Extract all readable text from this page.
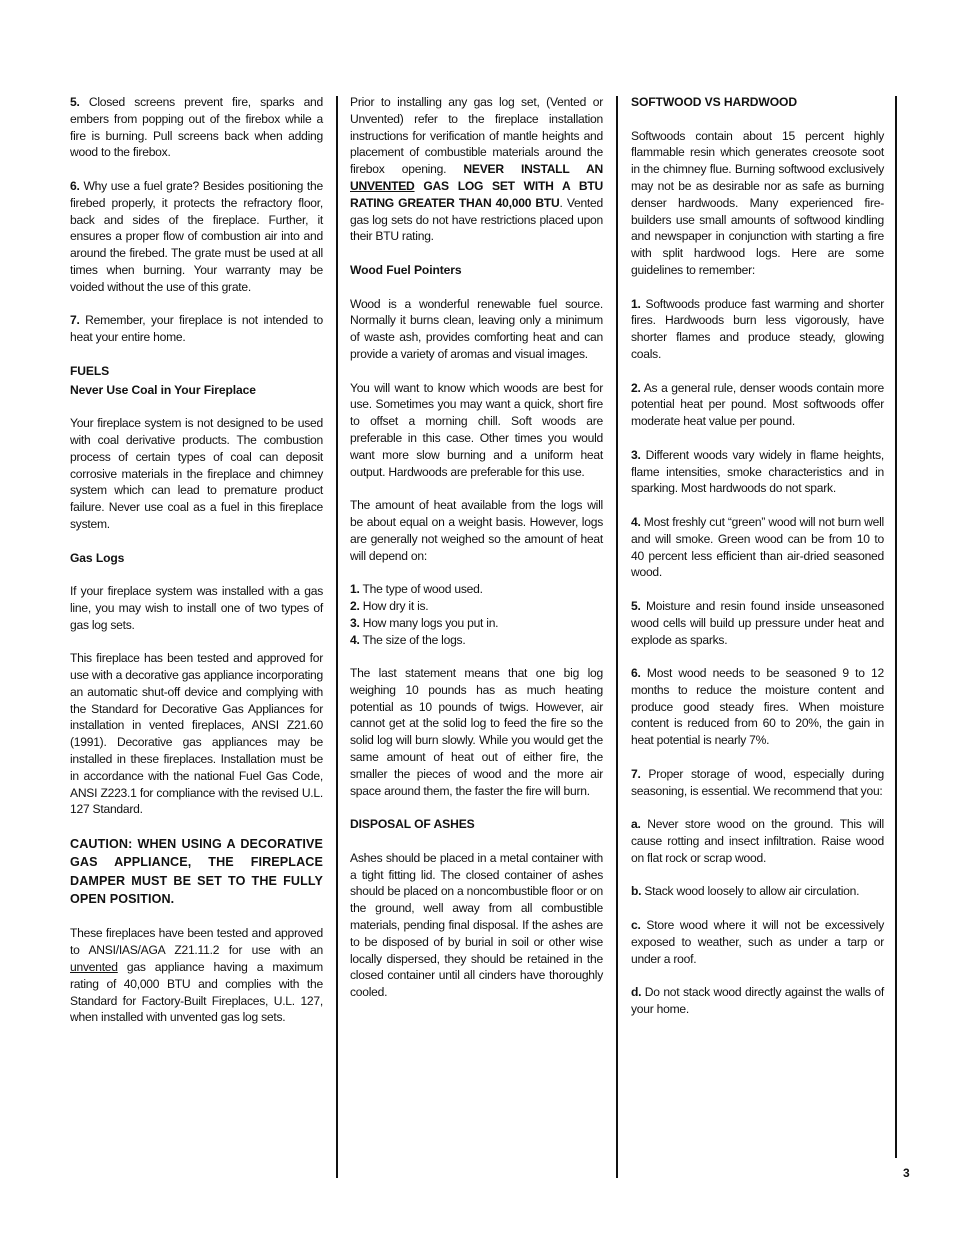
5. Closed screens prevent fire, sparks and embers from popping out of the firebox while a fire is burning. Pull screens back when adding wood to the firebox.

6. Why use a fuel grate? Besides positioning the firebed properly, it protects the refractory floor, back and sides of the fireplace. Further, it ensures a proper flow of combustion air into and around the firebed. The grate must be used at all times when burning. Your warranty may be voided without the use of this grate.

7. Remember, your fireplace is not intended to heat your entire home.

FUELS
Never Use Coal in Your Fireplace

Your fireplace system is not designed to be used with coal derivative products. The combustion process of certain types of coal can deposit corrosive materials in the fireplace and chimney system which can lead to premature product failure. Never use coal as a fuel in this fireplace system.

Gas Logs

If your fireplace system was installed with a gas line, you may wish to install one of two types of gas log sets.

This fireplace has been tested and approved for use with a decorative gas appliance incorporating an automatic shut-off device and complying with the Standard for Decorative Gas Appliances for installation in vented fireplaces, ANSI Z21.60 (1991). Decorative gas appliances may be installed in these fireplaces. Installation must be in accordance with the national Fuel Gas Code, ANSI Z223.1 for compliance with the revised U.L. 127 Standard.

CAUTION: WHEN USING A DECORATIVE GAS APPLIANCE, THE FIREPLACE DAMPER MUST BE SET TO THE FULLY OPEN POSITION.

These fireplaces have been tested and approved to ANSI/IAS/AGA Z21.11.2 for use with an unvented gas appliance having a maximum rating of 40,000 BTU and complies with the Standard for Factory-Built Fireplaces, U.L. 127, when installed with unvented gas log sets.

Prior to installing any gas log set, (Vented or Unvented) refer to the fireplace installation instructions for verification of mantle heights and placement of combustible materials around the firebox opening. NEVER INSTALL AN UNVENTED GAS LOG SET WITH A BTU RATING GREATER THAN 40,000 BTU. Vented gas log sets do not have restrictions placed upon their BTU rating.

Wood Fuel Pointers

Wood is a wonderful renewable fuel source. Normally it burns clean, leaving only a minimum of waste ash, provides comforting heat and can provide a variety of aromas and visual images.

You will want to know which woods are best for use. Sometimes you may want a quick, short fire to offset a morning chill. Soft woods are preferable in this case. Other times you would want more slow burning and a uniform heat output. Hardwoods are preferable for this use.

The amount of heat available from the logs will be about equal on a weight basis. However, logs are generally not weighed so the amount of heat will depend on:

1. The type of wood used.
2. How dry it is.
3. How many logs you put in.
4. The size of the logs.

The last statement means that one big log weighing 10 pounds has as much heating potential as 10 pounds of twigs. However, air cannot get at the solid log to feed the fire so the solid log will burn slowly. While you would get the same amount of heat out of either fire, the smaller the pieces of wood and the more air space around them, the faster the fire will burn.

DISPOSAL OF ASHES

Ashes should be placed in a metal container with a tight fitting lid. The closed container of ashes should be placed on a noncombustible floor or on the ground, well away from all combustible materials, pending final disposal. If the ashes are to be disposed of by burial in soil or other wise locally dispersed, they should be retained in the closed container until all cinders have thoroughly cooled.

SOFTWOOD VS HARDWOOD

Softwoods contain about 15 percent highly flammable resin which generates creosote soot in the chimney flue. Burning softwood exclusively may not be as desirable nor as safe as burning denser hardwoods. Many experienced fire-builders use small amounts of softwood kindling and newspaper in conjunction with starting a fire with split hardwood logs. Here are some guidelines to remember:

1. Softwoods produce fast warming and shorter fires. Hardwoods burn less vigorously, have shorter flames and produce steady, glowing coals.

2. As a general rule, denser woods contain more potential heat per pound. Most softwoods offer moderate heat value per pound.

3. Different woods vary widely in flame heights, flame intensities, smoke characteristics and in sparking. Most hardwoods do not spark.

4. Most freshly cut “green” wood will not burn well and will smoke. Green wood can be from 10 to 40 percent less efficient than air-dried seasoned wood.

5. Moisture and resin found inside unseasoned wood cells will build up pressure under heat and explode as sparks.

6. Most wood needs to be seasoned 9 to 12 months to reduce the moisture content and produce good steady fires. When moisture content is reduced from 60 to 20%, the gain in heat potential is nearly 7%.

7. Proper storage of wood, especially during seasoning, is essential. We recommend that you:

a. Never store wood on the ground. This will cause rotting and insect infiltration. Raise wood on flat rock or scrap wood.

b. Stack wood loosely to allow air circulation.

c. Store wood where it will not be excessively exposed to weather, such as under a tarp or under a roof.

d. Do not stack wood directly against the walls of your home.

3
